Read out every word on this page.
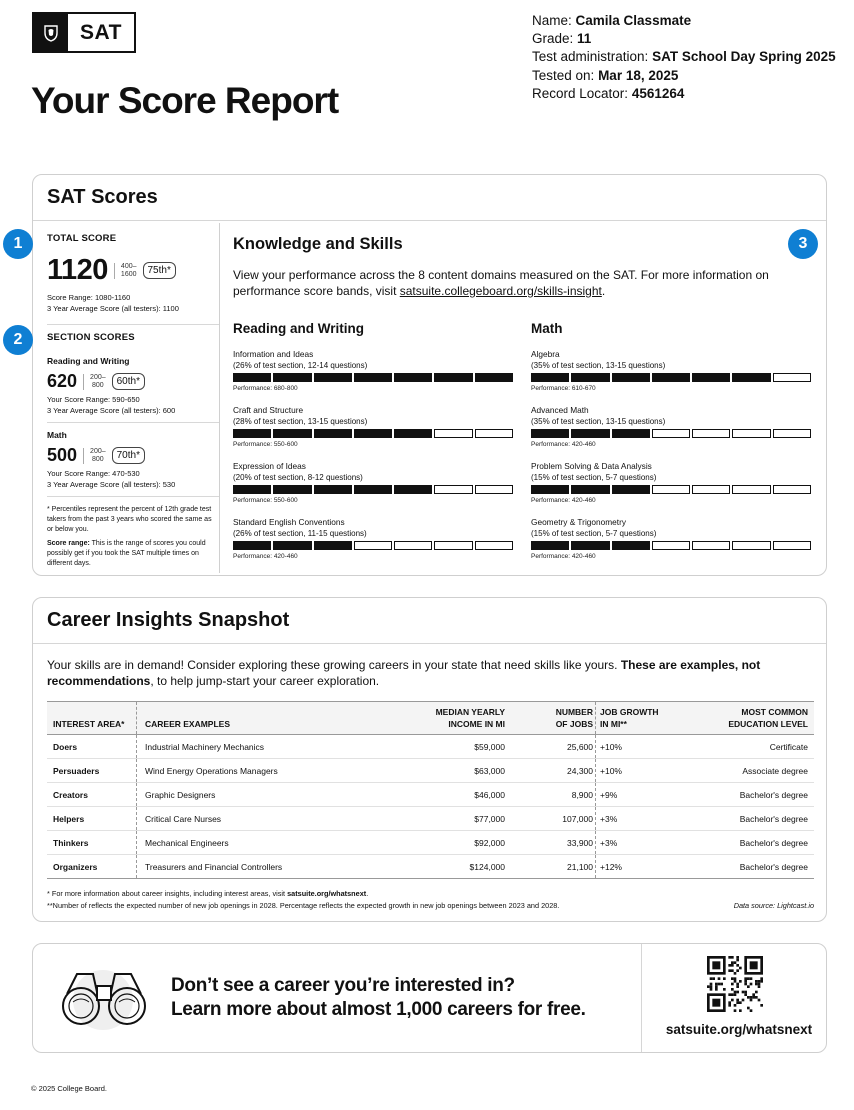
SAT
Your Score Report
Name: Camila Classmate
Grade: 11
Test administration: SAT School Day Spring 2025
Tested on: Mar 18, 2025
Record Locator: 4561264
SAT Scores
1
2
3
TOTAL SCORE
1120	400–
1600	75th*
Score Range: 1080-1160
3 Year Average Score (all testers): 1100
SECTION SCORES
Reading and Writing
620	200–
800	60th*
Your Score Range: 590-650
3 Year Average Score (all testers): 600
Math
500	200–
800	70th*
Your Score Range: 470-530
3 Year Average Score (all testers): 530
* Percentiles represent the percent of 12th grade test takers from the past 3 years who scored the same as or below you.
Score range: This is the range of scores you could possibly get if you took the SAT multiple times on different days.
Knowledge and Skills
View your performance across the 8 content domains measured on the SAT. For more information on performance score bands, visit satsuite.collegeboard.org/skills-insight.
Reading and Writing
Information and Ideas
(26% of test section, 12-14 questions)
Performance: 680-800
Craft and Structure
(28% of test section, 13-15 questions)
Performance: 550-600
Expression of Ideas
(20% of test section, 8-12 questions)
Performance: 550-600
Standard English Conventions
(26% of test section, 11-15 questions)
Performance: 420-460
Math
Algebra
(35% of test section, 13-15 questions)
Performance: 610-670
Advanced Math
(35% of test section, 13-15 questions)
Performance: 420-460
Problem Solving & Data Analysis
(15% of test section, 5-7 questions)
Performance: 420-460
Geometry & Trigonometry
(15% of test section, 5-7 questions)
Performance: 420-460
Career Insights Snapshot
Your skills are in demand! Consider exploring these growing careers in your state that need skills like yours. These are examples, not recommendations, to help jump-start your career exploration.
INTEREST AREA*	CAREER EXAMPLES
MEDIAN YEARLY
INCOME IN MI
NUMBER
OF JOBS
JOB GROWTH
IN MI**
MOST COMMON
EDUCATION LEVEL
Doers	Industrial Machinery Mechanics	$59,000	25,600 +10%	Certificate
Persuaders	Wind Energy Operations Managers	$63,000	24,300 +10%	Associate degree
Creators	Graphic Designers	$46,000	8,900 +9%	Bachelor's degree
Helpers	Critical Care Nurses	$77,000	107,000 +3%	Bachelor's degree
Thinkers	Mechanical Engineers	$92,000	33,900 +3%	Bachelor's degree
Organizers	Treasurers and Financial Controllers	$124,000	21,100 +12%	Bachelor's degree
* For more information about career insights, including interest areas, visit satsuite.org/whatsnext.
**Number of reflects the expected number of new job openings in 2028. Percentage reflects the expected growth in new job openings between 2023 and 2028.	Data source: Lightcast.io
Don’t see a career you’re interested in?
Learn more about almost 1,000 careers for free.
satsuite.org/whatsnext
© 2025 College Board.
